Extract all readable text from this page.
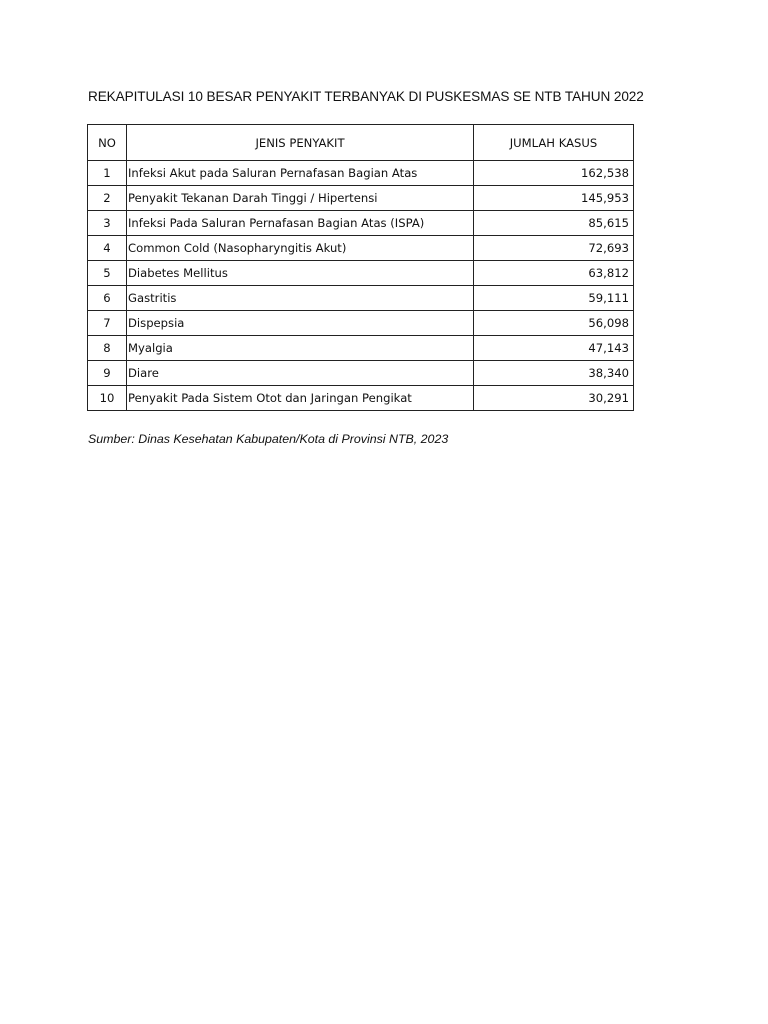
REKAPITULASI 10 BESAR PENYAKIT TERBANYAK DI PUSKESMAS SE NTB TAHUN 2022
NO	JENIS PENYAKIT	JUMLAH KASUS
1	Infeksi Akut pada Saluran Pernafasan Bagian Atas	162,538
2	Penyakit Tekanan Darah Tinggi / Hipertensi	145,953
3	Infeksi Pada Saluran Pernafasan Bagian Atas (ISPA)	85,615
4	Common Cold (Nasopharyngitis Akut)	72,693
5	Diabetes Mellitus	63,812
6	Gastritis	59,111
7	Dispepsia	56,098
8	Myalgia	47,143
9	Diare	38,340
10	Penyakit Pada Sistem Otot dan Jaringan Pengikat	30,291
Sumber: Dinas Kesehatan Kabupaten/Kota di Provinsi NTB, 2023
